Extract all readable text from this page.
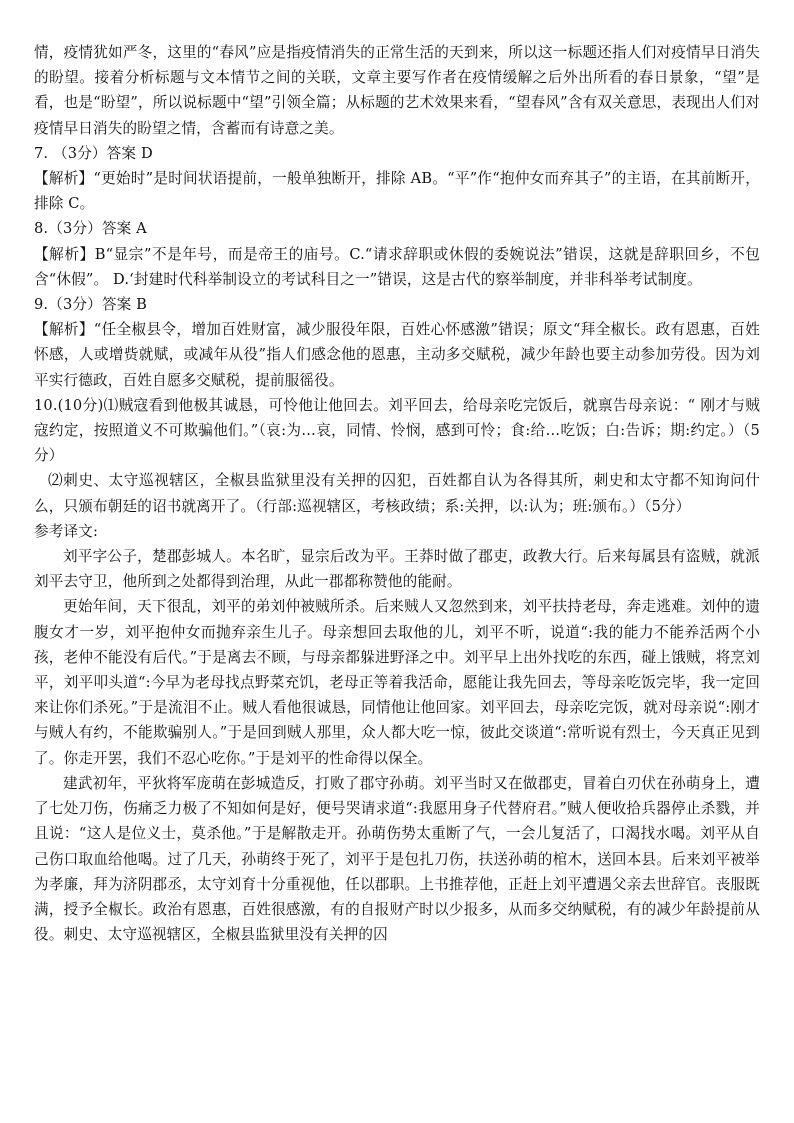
情，疫情犹如严冬，这里的“春风”应是指疫情消失的正常生活的天到来，所以这一标题还指人们对疫情早日消失的盼望。接着分析标题与文本情节之间的关联，文章主要写作者在疫情缓解之后外出所看的春日景象，“望”是看，也是“盼望”，所以说标题中“望”引领全篇；从标题的艺术效果来看，“望春风”含有双关意思，表现出人们对疫情早日消失的盼望之情，含蓄而有诗意之美。

7. （3分）答案 D

【解析】“更始时”是时间状语提前，一般单独断开，排除 AB。“平”作“抱仲女而弃其子”的主语，在其前断开，排除 C。

8.（3分）答案 A

【解析】B“显宗”不是年号，而是帝王的庙号。C.“请求辞职或休假的委婉说法”错误，这就是辞职回乡，不包含“休假”。 D.‘封建时代科举制设立的考试科目之一”错误，这是古代的察举制度，并非科举考试制度。

9.（3分）答案 B

【解析】“任全椒县令，增加百姓财富，减少服役年限，百姓心怀感激”错误；原文“拜全椒长。政有恩惠，百姓怀感，人或增赀就赋，或减年从役”指人们感念他的恩惠，主动多交赋税，减少年龄也要主动参加劳役。因为刘平实行德政，百姓自愿多交赋税，提前服徭役。

10.(10分)⑴贼寇看到他极其诚恳，可怜他让他回去。刘平回去，给母亲吃完饭后，就禀告母亲说：“ 刚才与贼寇约定，按照道义不可欺骗他们。”（哀:为…哀，同情、怜悯，感到可怜；食:给…吃饭；白:告诉；期:约定。）（5分）

⑵刺史、太守巡视辖区，全椒县监狱里没有关押的囚犯，百姓都自认为各得其所，刺史和太守都不知询问什么，只颁布朝廷的诏书就离开了。（行部:巡视辖区，考核政绩；系:关押，以:认为；班:颁布。）（5分）

参考译文:

刘平字公子，楚郡彭城人。本名旷，显宗后改为平。王莽时做了郡吏，政教大行。后来每属县有盗贼，就派刘平去守卫，他所到之处都得到治理，从此一郡都称赞他的能耐。

更始年间，天下很乱，刘平的弟刘仲被贼所杀。后来贼人又忽然到来，刘平扶持老母，奔走逃难。刘仲的遗腹女才一岁，刘平抱仲女而抛弃亲生儿子。母亲想回去取他的儿，刘平不听，说道“:我的能力不能养活两个小孩，老仲不能没有后代。”于是离去不顾，与母亲都躲进野泽之中。刘平早上出外找吃的东西，碰上饿贼，将烹刘平，刘平叩头道“:今早为老母找点野菜充饥，老母正等着我活命，愿能让我先回去，等母亲吃饭完毕，我一定回来让你们杀死。”于是流泪不止。贼人看他很诚恳，同情他让他回家。刘平回去，母亲吃完饭，就对母亲说“:刚才与贼人有约，不能欺骗别人。”于是回到贼人那里，众人都大吃一惊，彼此交谈道“:常听说有烈士，今天真正见到了。你走开罢，我们不忍心吃你。”于是刘平的性命得以保全。

建武初年，平狄将军庞萌在彭城造反，打败了郡守孙萌。刘平当时又在做郡吏，冒着白刃伏在孙萌身上，遭了七处刀伤，伤痛乏力极了不知如何是好，便号哭请求道“:我愿用身子代替府君。”贼人便收拾兵器停止杀戮，并且说：“这人是位义士，莫杀他。”于是解散走开。孙萌伤势太重断了气，一会儿复活了，口渴找水喝。刘平从自己伤口取血给他喝。过了几天，孙萌终于死了，刘平于是包扎刀伤，扶送孙萌的棺木，送回本县。后来刘平被举为孝廉，拜为济阴郡丞，太守刘育十分重视他，任以郡职。上书推荐他，正赶上刘平遭遇父亲去世辞官。丧服既满，授予全椒长。政治有恩惠，百姓很感激，有的自报财产时以少报多，从而多交纳赋税，有的减少年龄提前从役。刺史、太守巡视辖区，全椒县监狱里没有关押的囚
